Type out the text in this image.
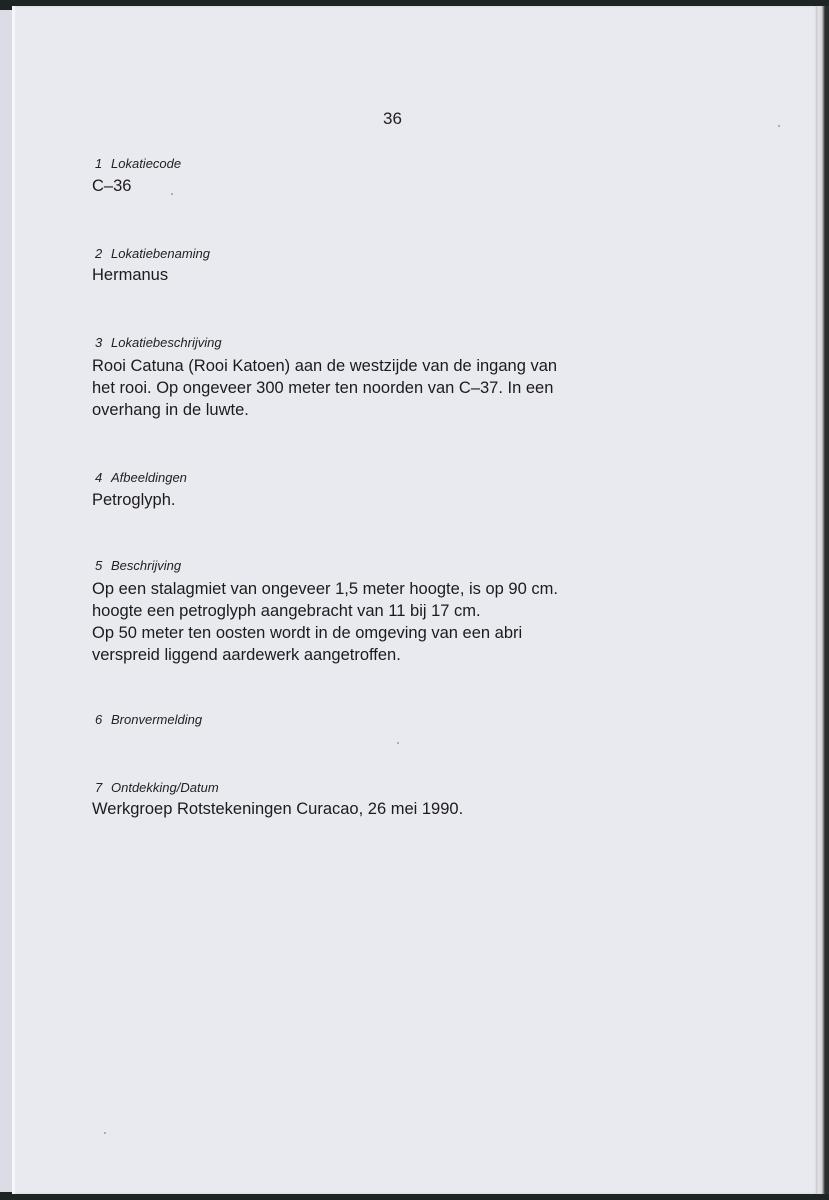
36
1 Lokatiecode
C–36
2 Lokatiebenaming
Hermanus
3 Lokatiebeschrijving
Rooi Catuna (Rooi Katoen) aan de westzijde van de ingang van
het rooi. Op ongeveer 300 meter ten noorden van C–37. In een
overhang in de luwte.
4 Afbeeldingen
Petroglyph.
5 Beschrijving
Op een stalagmiet van ongeveer 1,5 meter hoogte, is op 90 cm.
hoogte een petroglyph aangebracht van 11 bij 17 cm.
Op 50 meter ten oosten wordt in de omgeving van een abri
verspreid liggend aardewerk aangetroffen.
6 Bronvermelding
7 Ontdekking/Datum
Werkgroep Rotstekeningen Curacao, 26 mei 1990.
